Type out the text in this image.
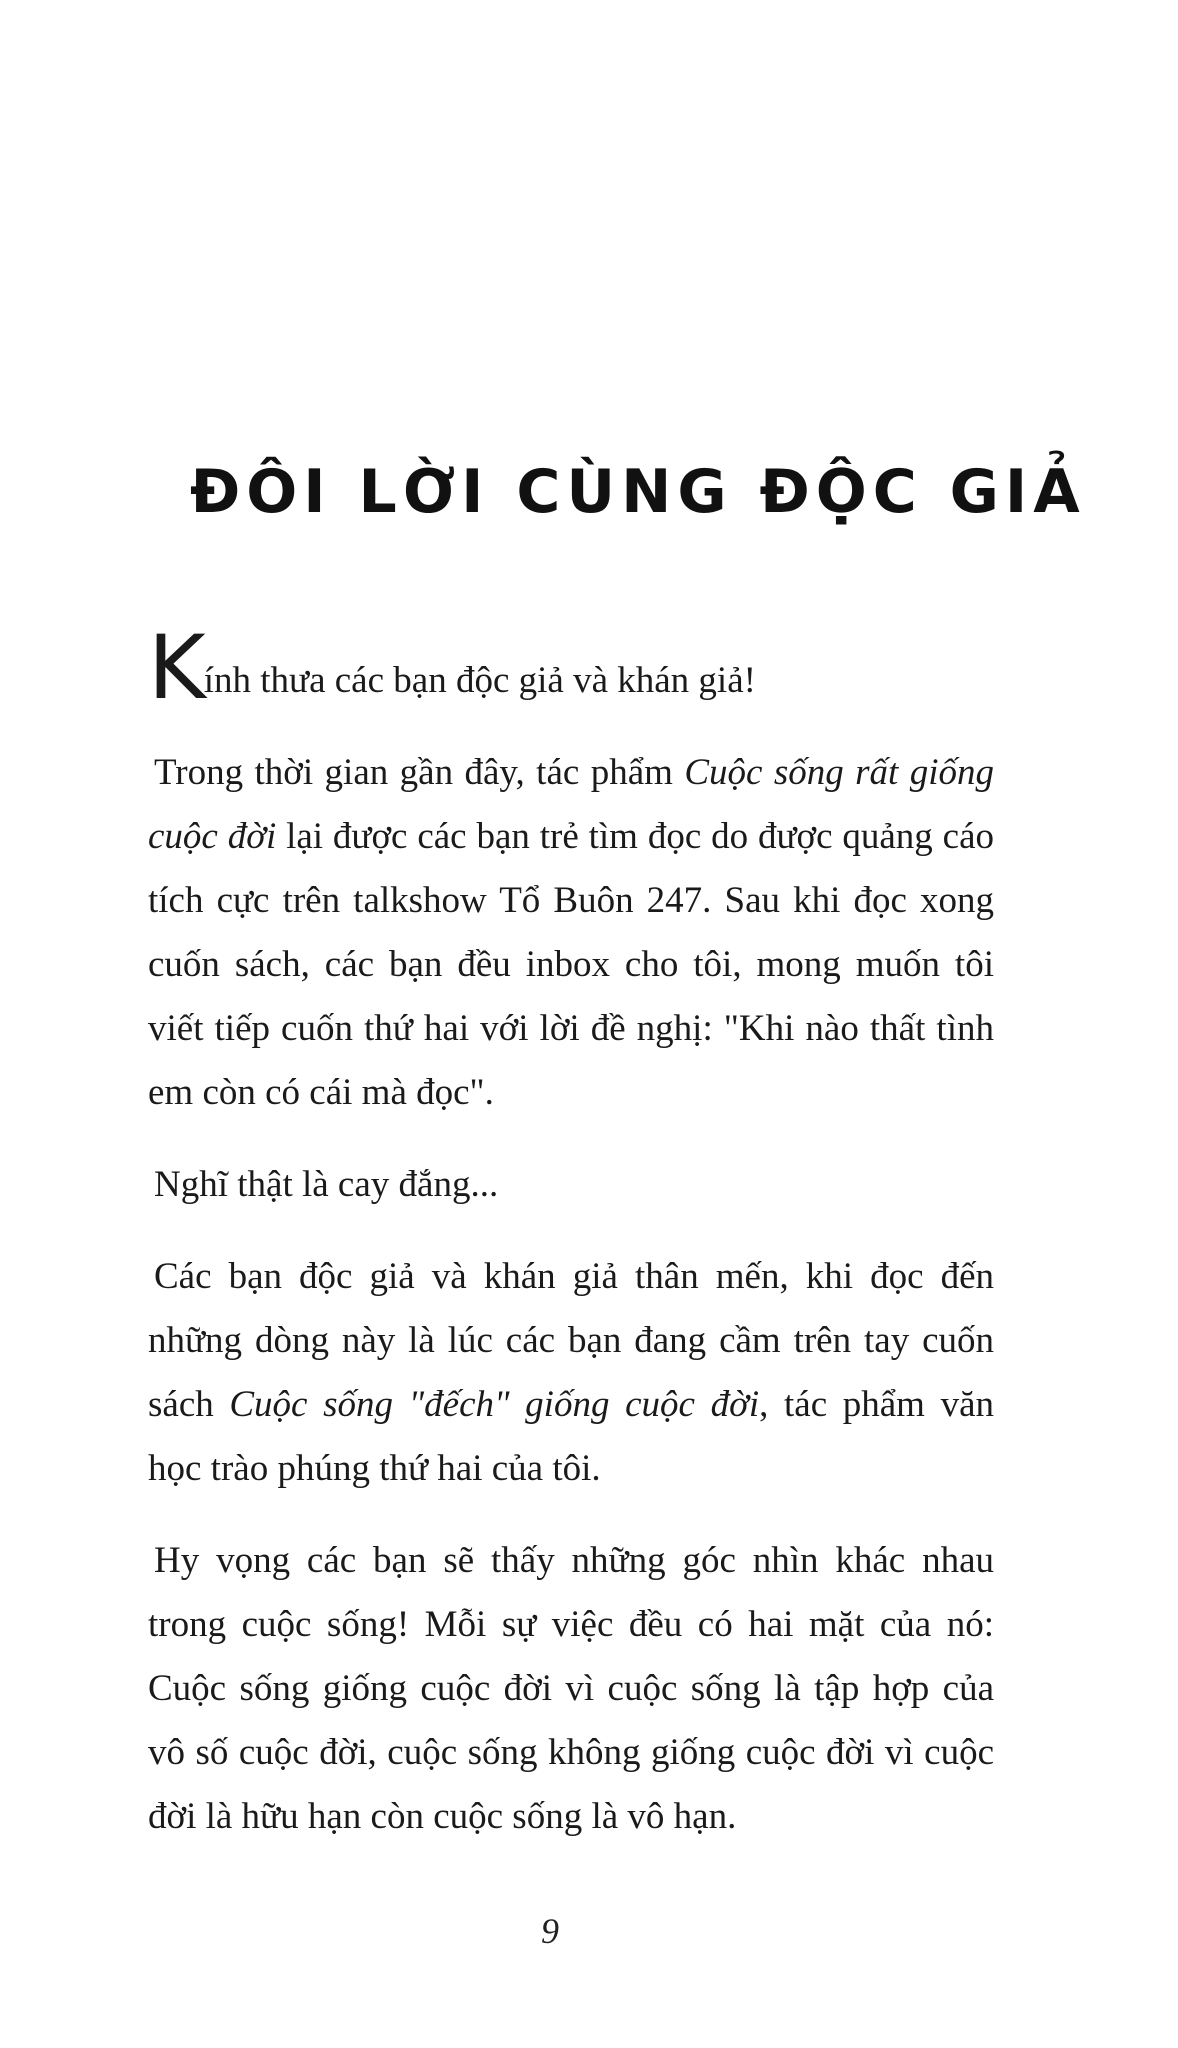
ĐÔI LỜI CÙNG ĐỘC GIẢ
Kính thưa các bạn độc giả và khán giả!
Trong thời gian gần đây, tác phẩm Cuộc sống rất giống cuộc đời lại được các bạn trẻ tìm đọc do được quảng cáo tích cực trên talkshow Tổ Buôn 247. Sau khi đọc xong cuốn sách, các bạn đều inbox cho tôi, mong muốn tôi viết tiếp cuốn thứ hai với lời đề nghị: "Khi nào thất tình em còn có cái mà đọc".
Nghĩ thật là cay đắng...
Các bạn độc giả và khán giả thân mến, khi đọc đến những dòng này là lúc các bạn đang cầm trên tay cuốn sách Cuộc sống "đếch" giống cuộc đời, tác phẩm văn học trào phúng thứ hai của tôi.
Hy vọng các bạn sẽ thấy những góc nhìn khác nhau trong cuộc sống! Mỗi sự việc đều có hai mặt của nó: Cuộc sống giống cuộc đời vì cuộc sống là tập hợp của vô số cuộc đời, cuộc sống không giống cuộc đời vì cuộc đời là hữu hạn còn cuộc sống là vô hạn.
9
